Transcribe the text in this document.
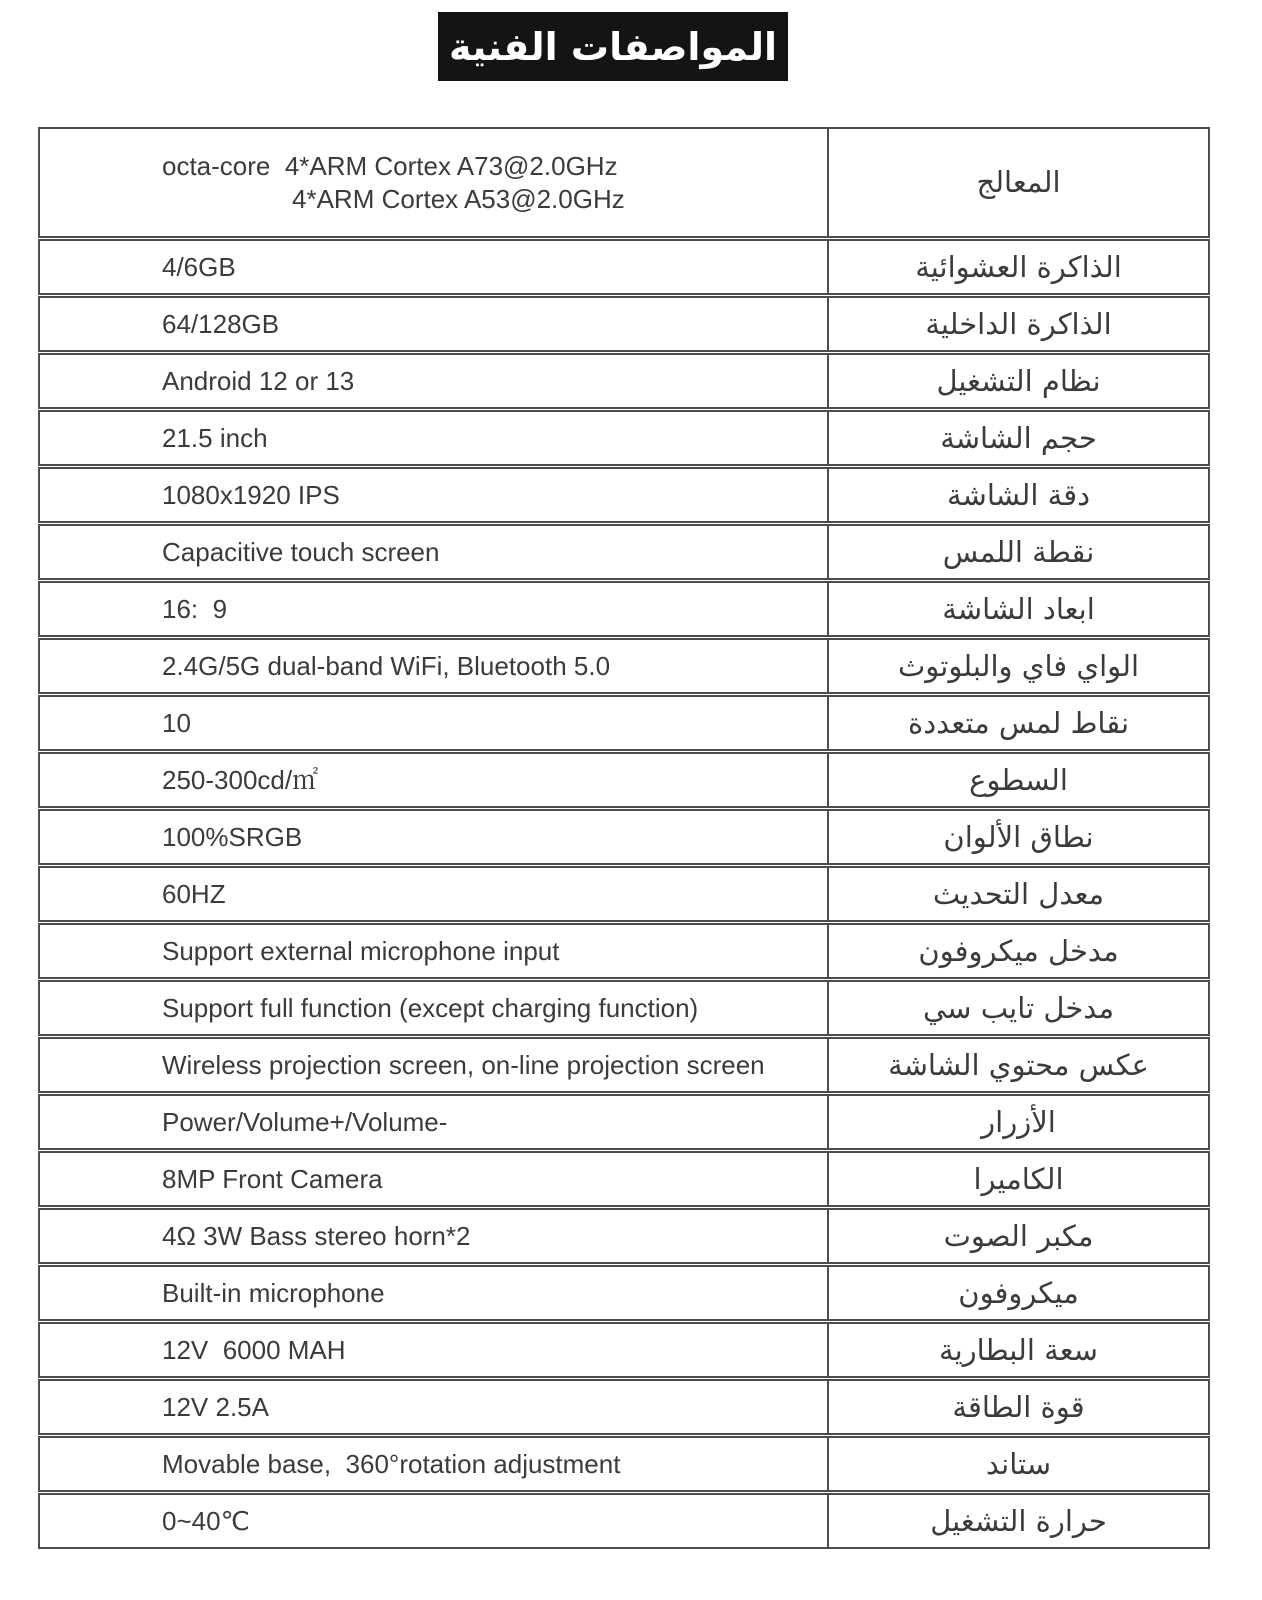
المواصفات الفنية
octa-core  4*ARM Cortex A73@2.0GHz
4*ARM Cortex A53@2.0GHz	المعالج
4/6GB	الذاكرة العشوائية
64/128GB	الذاكرة الداخلية
Android 12 or 13	نظام التشغيل
21.5 inch	حجم الشاشة
1080x1920 IPS	دقة الشاشة
Capacitive touch screen	نقطة اللمس
16:  9	ابعاد الشاشة
2.4G/5G dual-band WiFi, Bluetooth 5.0	الواي فاي والبلوتوث
10	نقاط لمس متعددة
250-300cd/㎡	السطوع
100%SRGB	نطاق الألوان
60HZ	معدل التحديث
Support external microphone input	مدخل ميكروفون
Support full function (except charging function)	مدخل تايب سي
Wireless projection screen, on-line projection screen	عكس محتوي الشاشة
Power/Volume+/Volume-	الأزرار
8MP Front Camera	الكاميرا
4Ω 3W Bass stereo horn*2	مكبر الصوت
Built-in microphone	ميكروفون
12V  6000 MAH	سعة البطارية
12V 2.5A	قوة الطاقة
Movable base,  360°rotation adjustment	ستاند
0~40℃	حرارة التشغيل
